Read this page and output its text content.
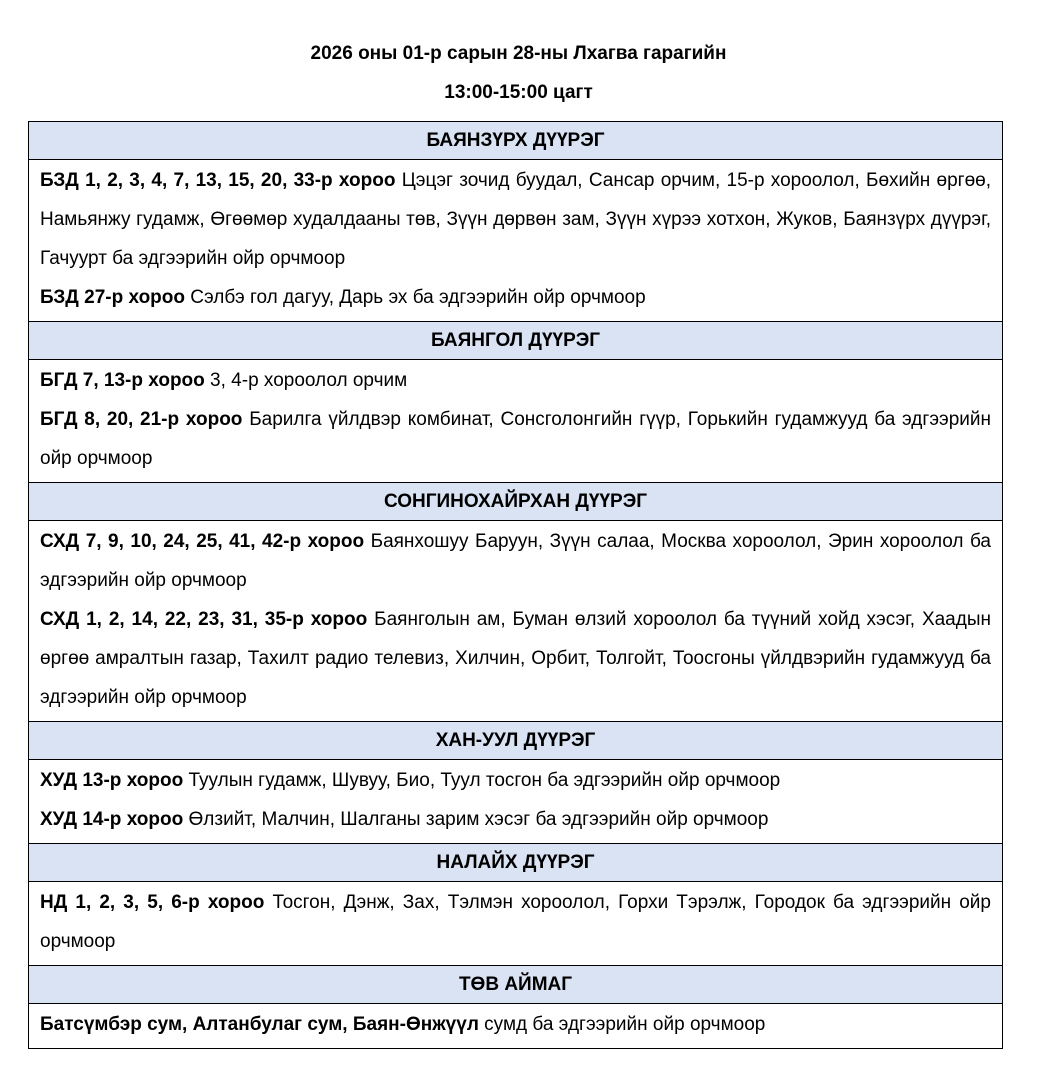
2026 оны 01-р сарын 28-ны Лхагва гарагийн
13:00-15:00 цагт
БАЯНЗҮРХ ДҮҮРЭГ

БЗД 1, 2, 3, 4, 7, 13, 15, 20, 33-р хороо Цэцэг зочид буудал, Сансар орчим, 15-р хороолол, Бөхийн өргөө, Намьянжу гудамж, Өгөөмөр худалдааны төв, Зүүн дөрвөн зам, Зүүн хүрээ хотхон, Жуков, Баянзүрх дүүрэг, Гачуурт ба эдгээрийн ойр орчмоор

БЗД 27-р хороо Сэлбэ гол дагуу, Дарь эх ба эдгээрийн ойр орчмоор

БАЯНГОЛ ДҮҮРЭГ

БГД 7, 13-р хороо 3, 4-р хороолол орчим

БГД 8, 20, 21-р хороо Барилга үйлдвэр комбинат, Сонсголонгийн гүүр, Горькийн гудамжууд ба эдгээрийн ойр орчмоор

СОНГИНОХАЙРХАН ДҮҮРЭГ

СХД 7, 9, 10, 24, 25, 41, 42-р хороо Баянхошуу Баруун, Зүүн салаа, Москва хороолол, Эрин хороолол ба эдгээрийн ойр орчмоор

СХД 1, 2, 14, 22, 23, 31, 35-р хороо Баянголын ам, Буман өлзий хороолол ба түүний хойд хэсэг, Хаадын өргөө амралтын газар, Тахилт радио телевиз, Хилчин, Орбит, Толгойт, Тоосгоны үйлдвэрийн гудамжууд ба эдгээрийн ойр орчмоор

ХАН-УУЛ ДҮҮРЭГ

ХУД 13-р хороо Туулын гудамж, Шувуу, Био, Туул тосгон ба эдгээрийн ойр орчмоор

ХУД 14-р хороо Өлзийт, Малчин, Шалганы зарим хэсэг ба эдгээрийн ойр орчмоор

НАЛАЙХ ДҮҮРЭГ

НД 1, 2, 3, 5, 6-р хороо Тосгон, Дэнж, Зах, Тэлмэн хороолол, Горхи Тэрэлж, Городок ба эдгээрийн ойр орчмоор

ТӨВ АЙМАГ

Батсүмбэр сум, Алтанбулаг сум, Баян-Өнжүүл сумд ба эдгээрийн ойр орчмоор
